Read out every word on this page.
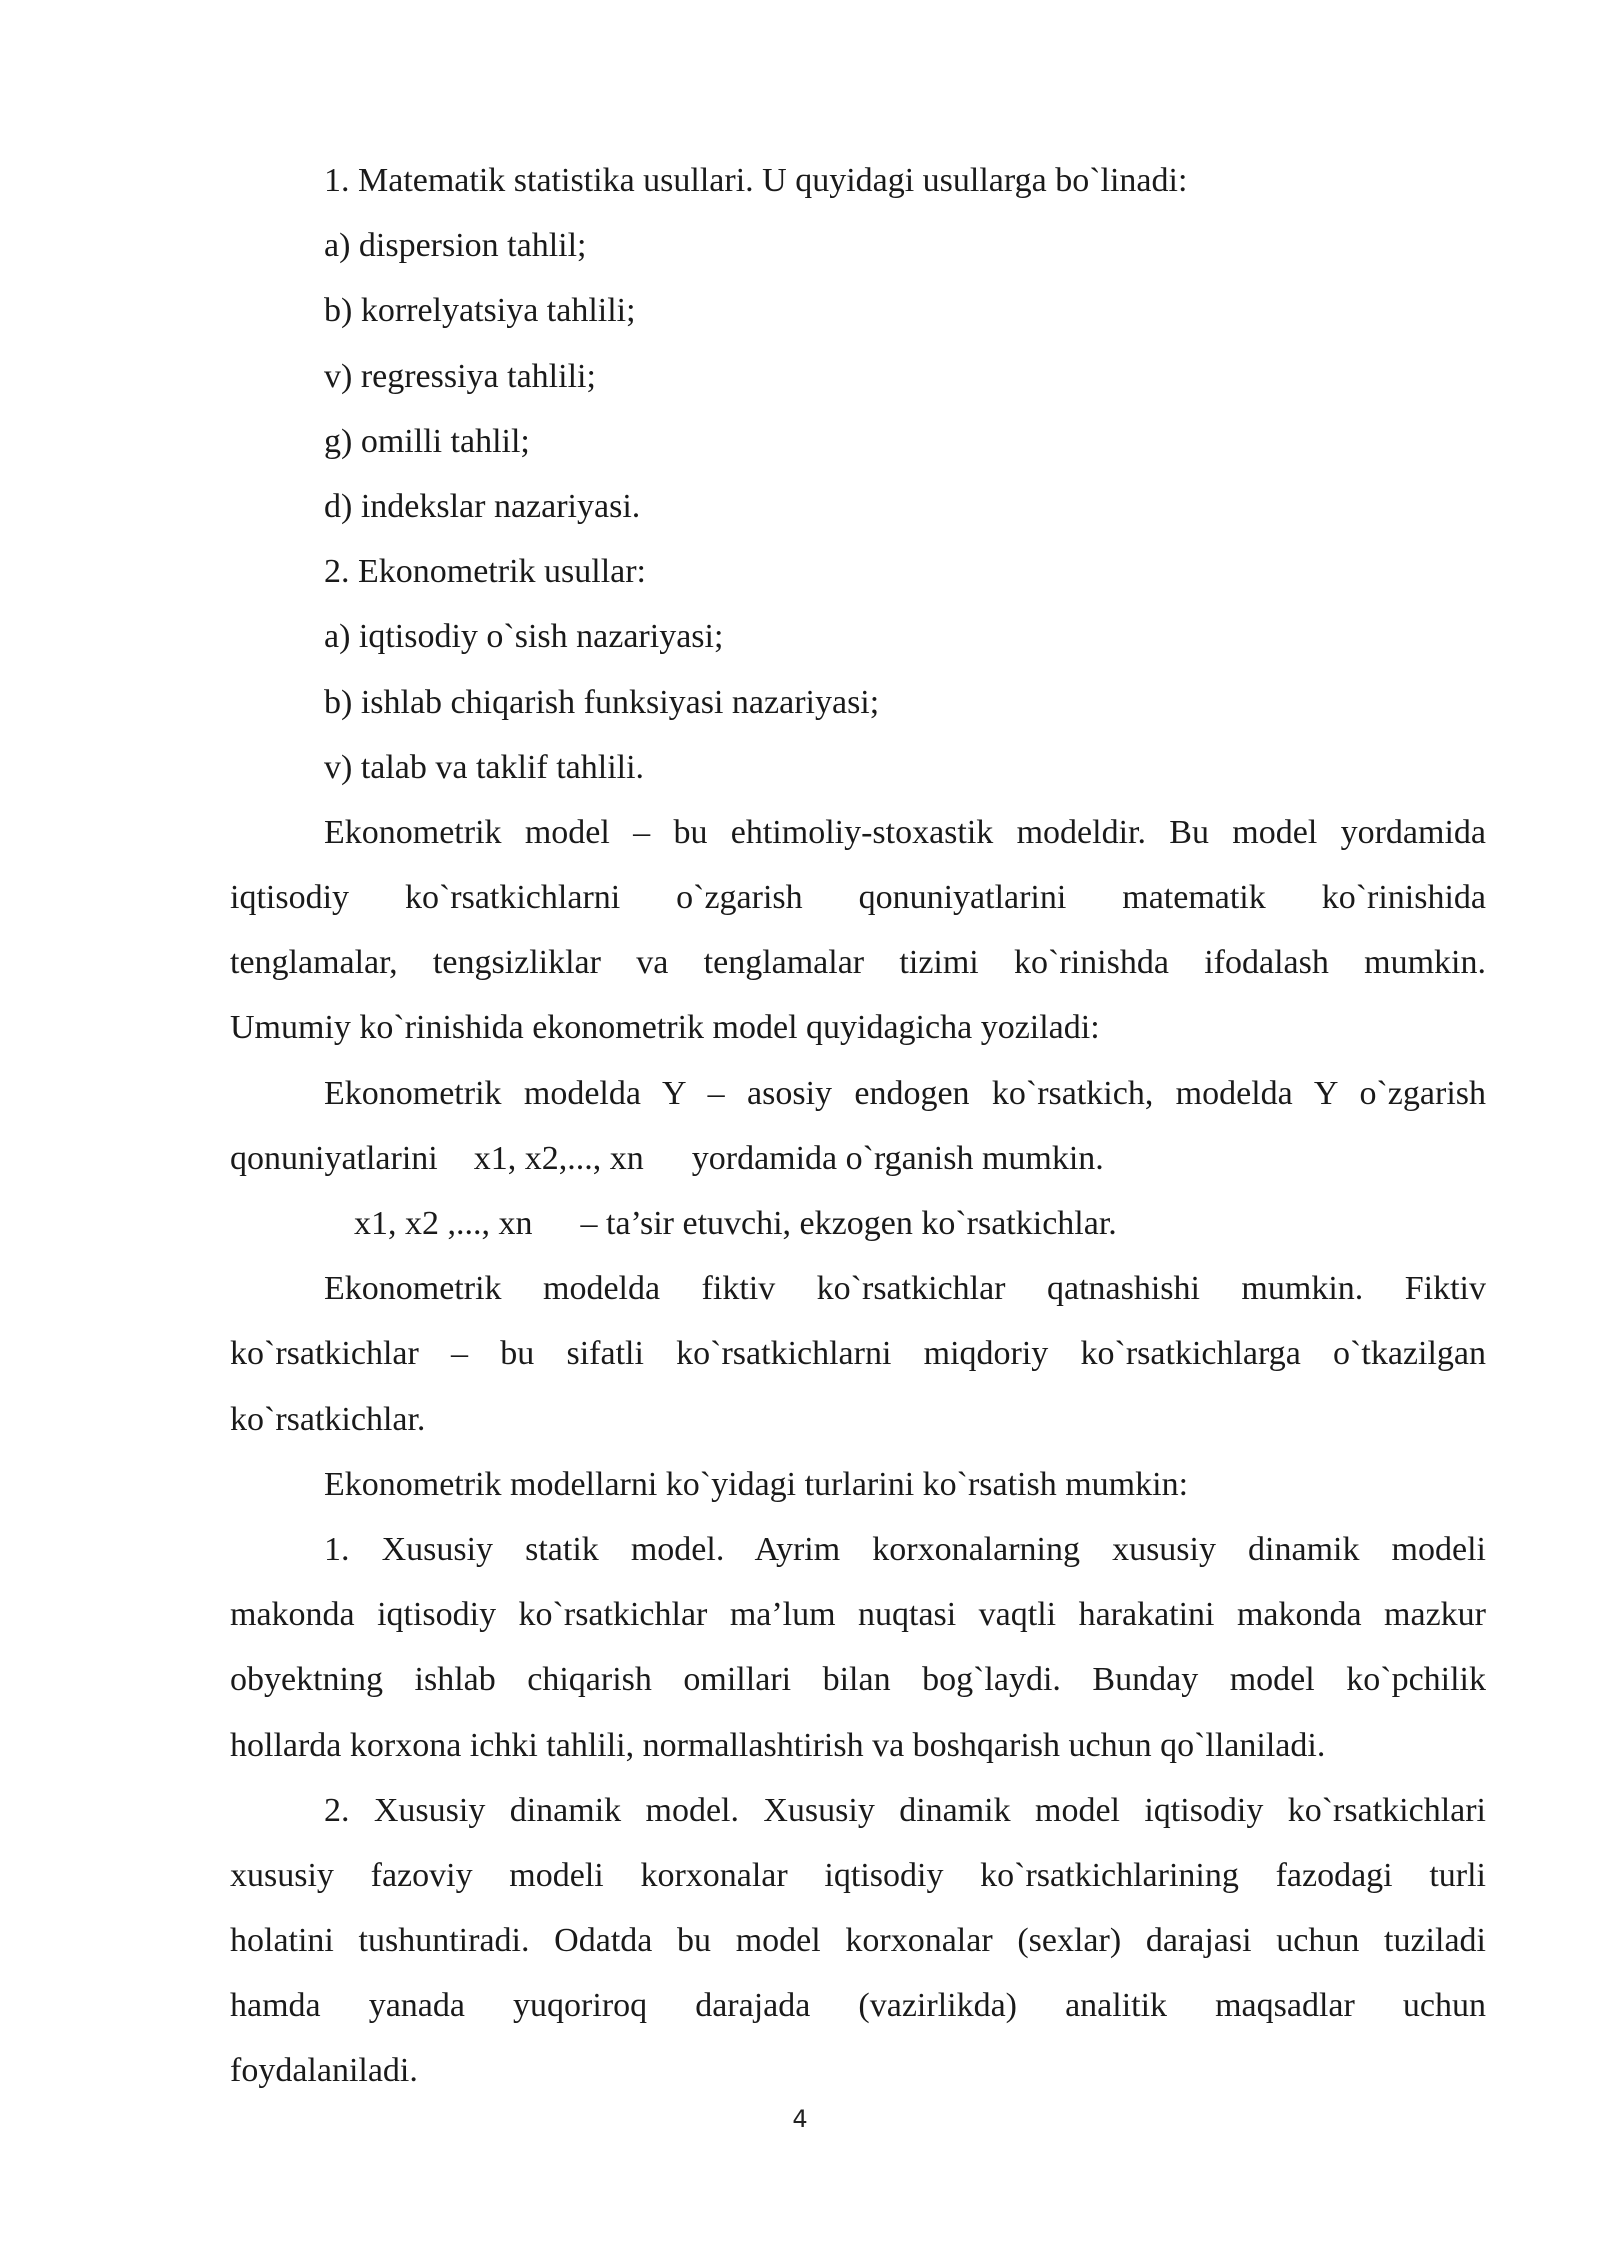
1. Matematik statistika usullari. U quyidagi usullarga bo`linadi:
a) dispersion tahlil;
b) korrelyatsiya tahlili;
v) regressiya tahlili;
g) omilli tahlil;
d) indekslar nazariyasi.
2. Ekonometrik usullar:
a) iqtisodiy o`sish nazariyasi;
b) ishlab chiqarish funksiyasi nazariyasi;
v) talab va taklif tahlili.
Ekonometrik model – bu ehtimoliy-stoxastik modeldir. Bu model yordamida
iqtisodiy ko`rsatkichlarni o`zgarish qonuniyatlarini matematik ko`rinishida
tenglamalar, tengsizliklar va tenglamalar tizimi ko`rinishda ifodalash mumkin.
Umumiy ko`rinishida ekonometrik model quyidagicha yoziladi:
Ekonometrik modelda Y – asosiy endogen ko`rsatkich, modelda Y o`zgarish
qonuniyatlarini x1, x2,..., xn yordamida o`rganish mumkin.
x1, x2 ,..., xn – ta’sir etuvchi, ekzogen ko`rsatkichlar.
Ekonometrik modelda fiktiv ko`rsatkichlar qatnashishi mumkin. Fiktiv
ko`rsatkichlar – bu sifatli ko`rsatkichlarni miqdoriy ko`rsatkichlarga o`tkazilgan
ko`rsatkichlar.
Ekonometrik modellarni ko`yidagi turlarini ko`rsatish mumkin:
1. Xususiy statik model. Ayrim korxonalarning xususiy dinamik modeli
makonda iqtisodiy ko`rsatkichlar ma’lum nuqtasi vaqtli harakatini makonda mazkur
obyektning ishlab chiqarish omillari bilan bog`laydi. Bunday model ko`pchilik
hollarda korxona ichki tahlili, normallashtirish va boshqarish uchun qo`llaniladi.
2. Xususiy dinamik model. Xususiy dinamik model iqtisodiy ko`rsatkichlari
xususiy fazoviy modeli korxonalar iqtisodiy ko`rsatkichlarining fazodagi turli
holatini tushuntiradi. Odatda bu model korxonalar (sexlar) darajasi uchun tuziladi
hamda yanada yuqoriroq darajada (vazirlikda) analitik maqsadlar uchun
foydalaniladi.
4
